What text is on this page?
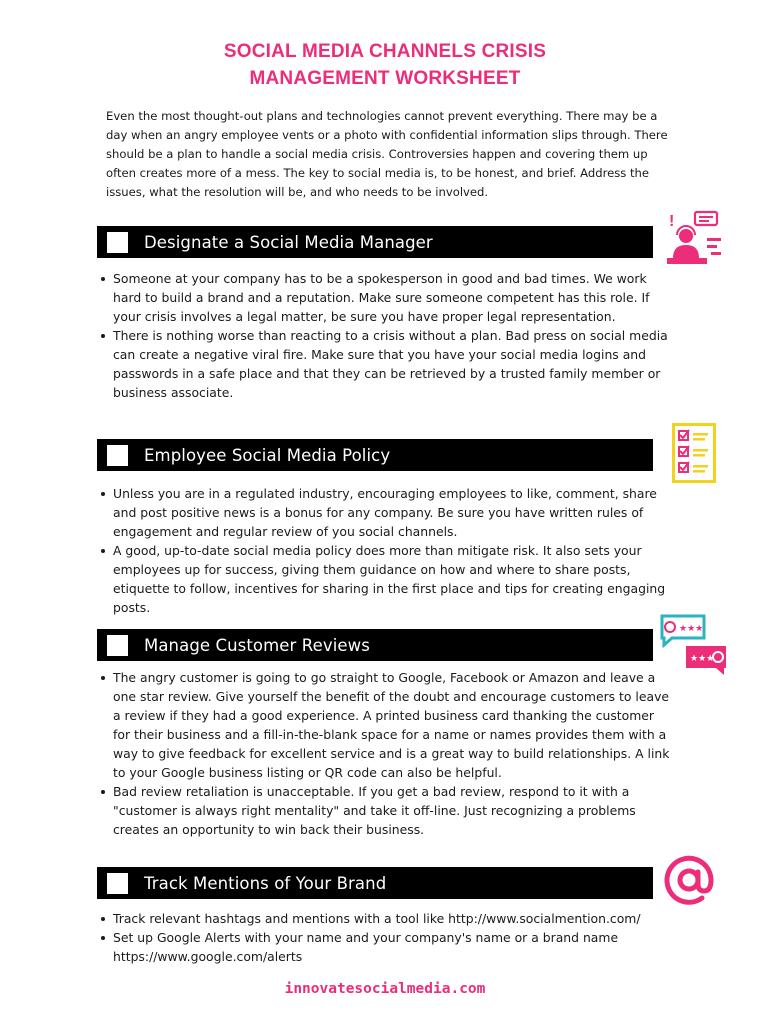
SOCIAL MEDIA CHANNELS CRISIS
MANAGEMENT WORKSHEET

Even the most thought-out plans and technologies cannot prevent everything. There may be a day when an angry employee vents or a photo with confidential information slips through. There should be a plan to handle a social media crisis. Controversies happen and covering them up often creates more of a mess. The key to social media is, to be honest, and brief. Address the issues, what the resolution will be, and who needs to be involved.

Designate a Social Media Manager
!
Someone at your company has to be a spokesperson in good and bad times. We work hard to build a brand and a reputation. Make sure someone competent has this role. If your crisis involves a legal matter, be sure you have proper legal representation.
There is nothing worse than reacting to a crisis without a plan. Bad press on social media can create a negative viral fire. Make sure that you have your social media logins and passwords in a safe place and that they can be retrieved by a trusted family member or business associate.
Employee Social Media Policy
Unless you are in a regulated industry, encouraging employees to like, comment, share and post positive news is a bonus for any company. Be sure you have written rules of engagement and regular review of you social channels.
A good, up-to-date social media policy does more than mitigate risk. It also sets your employees up for success, giving them guidance on how and where to share posts, etiquette to follow, incentives for sharing in the first place and tips for creating engaging posts.
Manage Customer Reviews
★★★
★★★
The angry customer is going to go straight to Google, Facebook or Amazon and leave a one star review. Give yourself the benefit of the doubt and encourage customers to leave a review if they had a good experience. A printed business card thanking the customer for their business and a fill-in-the-blank space for a name or names provides them with a way to give feedback for excellent service and is a great way to build relationships. A link to your Google business listing or QR code can also be helpful.
Bad review retaliation is unacceptable. If you get a bad review, respond to it with a "customer is always right mentality" and take it off-line. Just recognizing a problems creates an opportunity to win back their business.
Track Mentions of Your Brand
Track relevant hashtags and mentions with a tool like http://www.socialmention.com/
Set up Google Alerts with your name and your company's name or a brand name https://www.google.com/alerts
innovatesocialmedia.com
